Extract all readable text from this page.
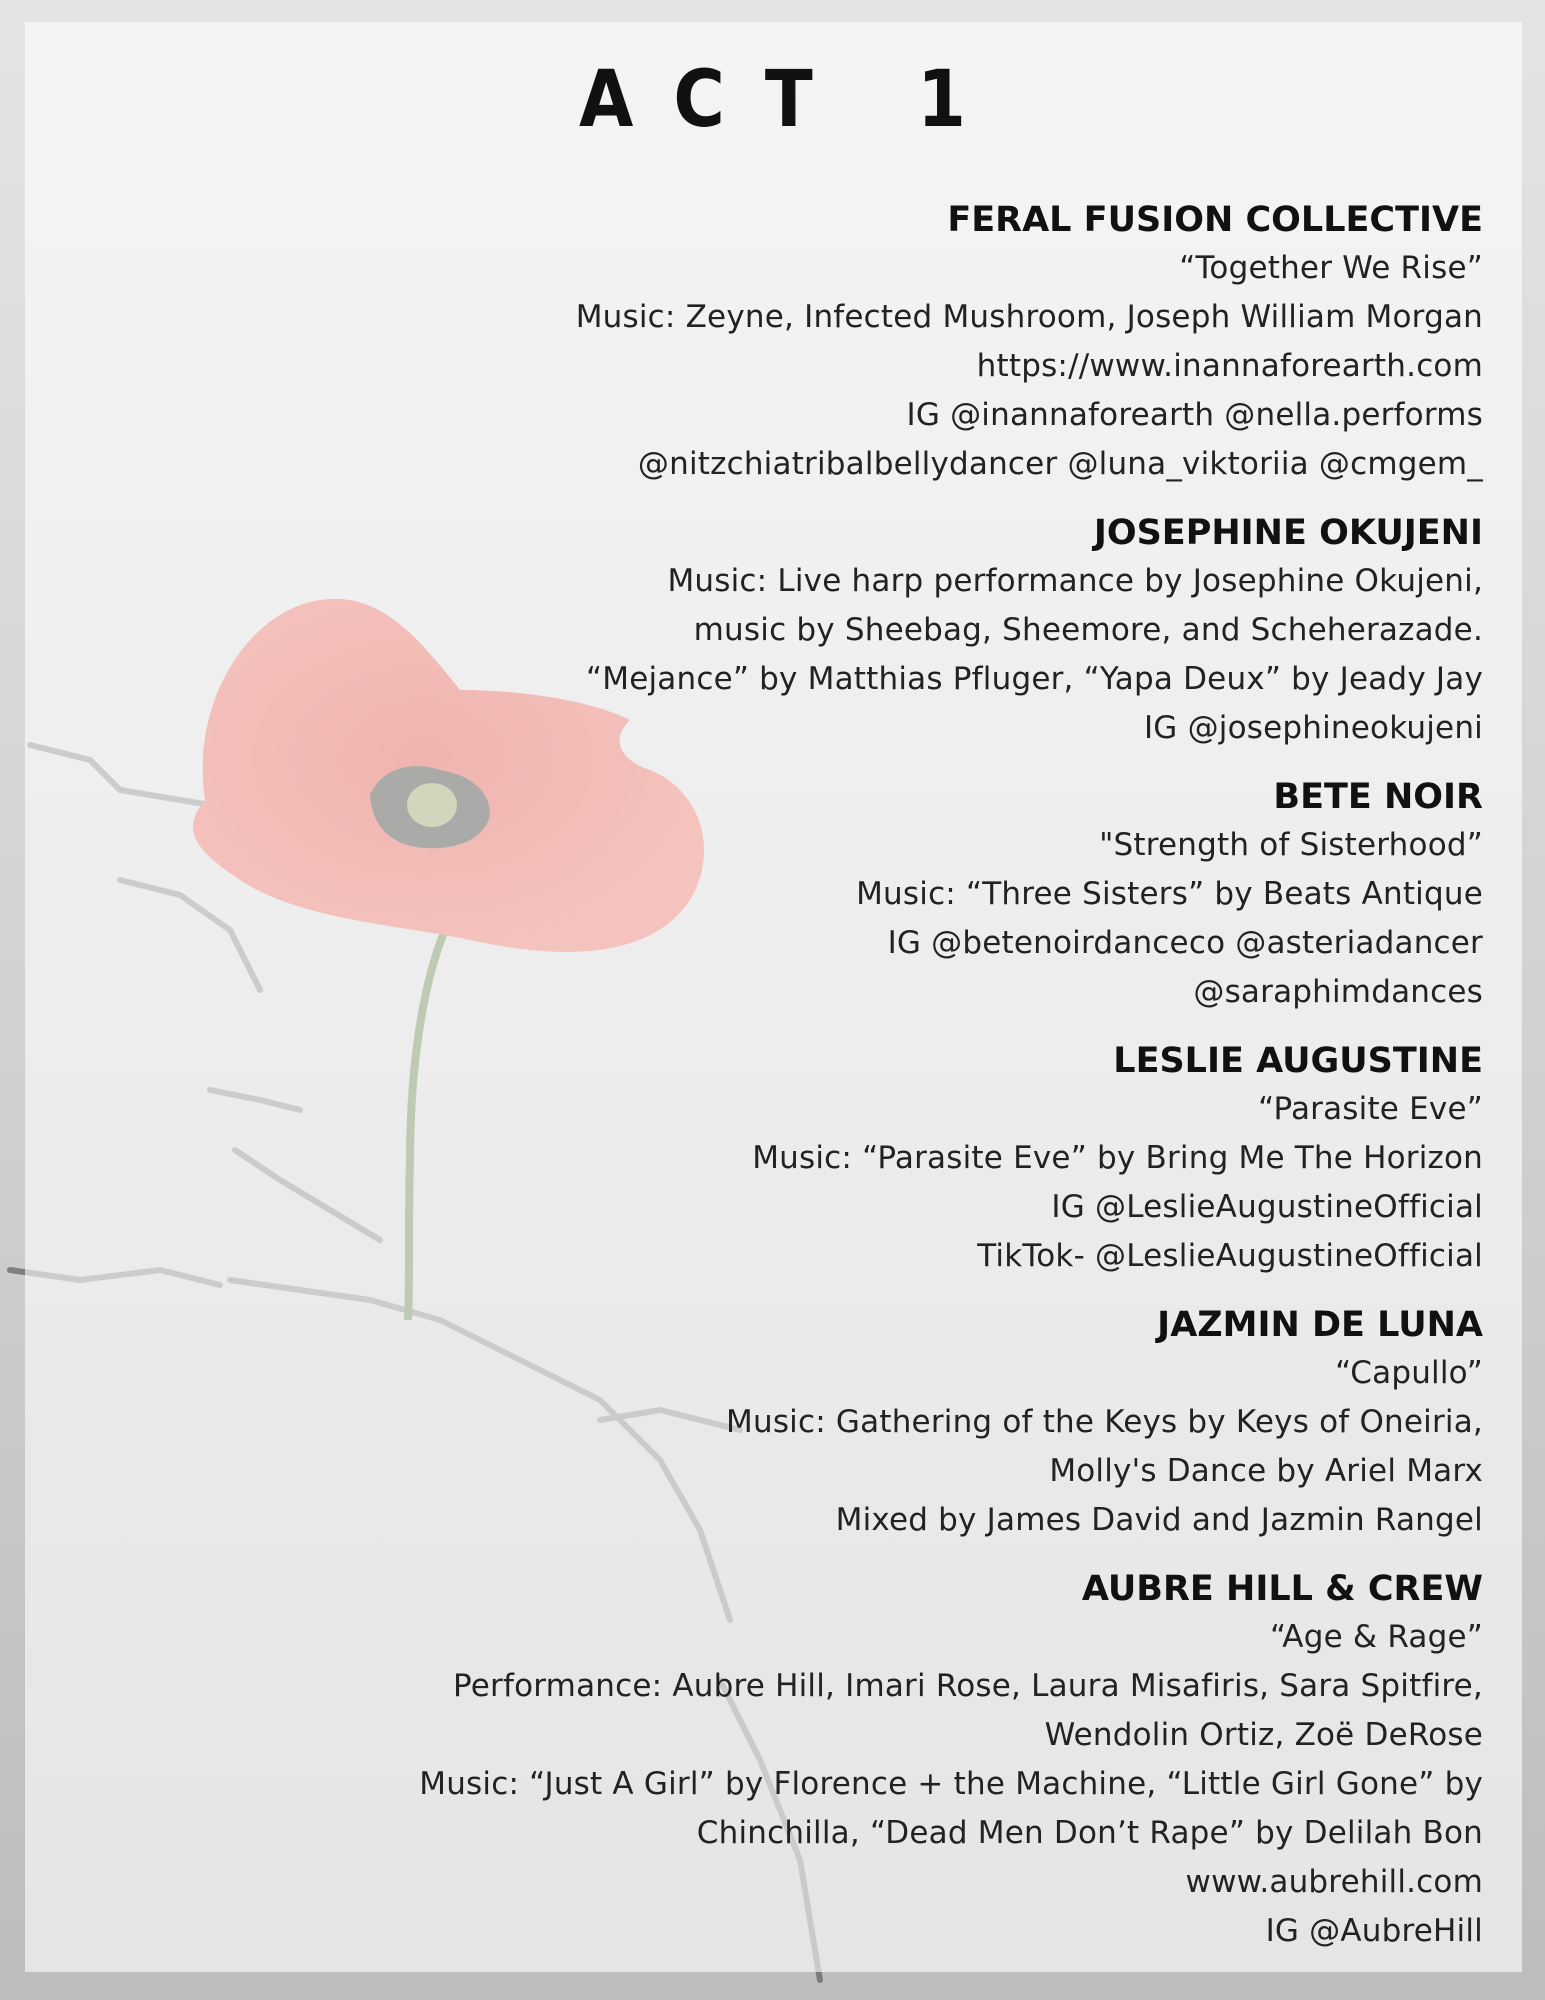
ACT 1
FERAL FUSION COLLECTIVE
“Together We Rise”
Music: Zeyne, Infected Mushroom, Joseph William Morgan
https://www.inannaforearth.com
IG @inannaforearth @nella.performs
@nitzchiatribalbellydancer @luna_viktoriia @cmgem_
JOSEPHINE OKUJENI
Music: Live harp performance by Josephine Okujeni,
music by Sheebag, Sheemore, and Scheherazade.
“Mejance” by Matthias Pfluger, “Yapa Deux” by Jeady Jay
IG @josephineokujeni
BETE NOIR
"Strength of Sisterhood”
Music: “Three Sisters” by Beats Antique
IG @betenoirdanceco @asteriadancer
@saraphimdances
LESLIE AUGUSTINE
“Parasite Eve”
Music: “Parasite Eve” by Bring Me The Horizon
IG @LeslieAugustineOfficial
TikTok- @LeslieAugustineOfficial
JAZMIN DE LUNA
“Capullo”
Music: Gathering of the Keys by Keys of Oneiria,
Molly's Dance by Ariel Marx
Mixed by James David and Jazmin Rangel
AUBRE HILL & CREW
“Age & Rage”
Performance: Aubre Hill, Imari Rose, Laura Misafiris, Sara Spitfire,
Wendolin Ortiz, Zoë DeRose
Music: “Just A Girl” by Florence + the Machine, “Little Girl Gone” by
Chinchilla, “Dead Men Don’t Rape” by Delilah Bon
www.aubrehill.com
IG @AubreHill
